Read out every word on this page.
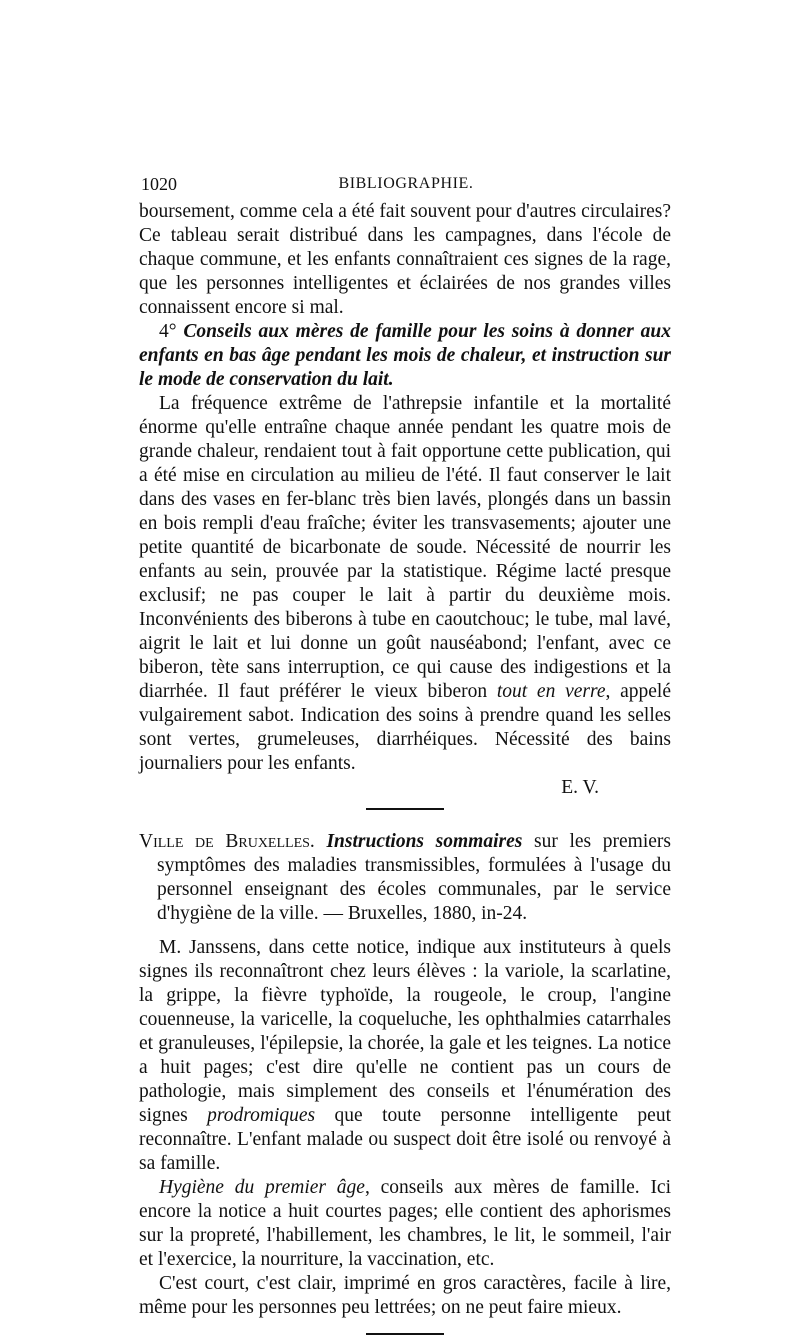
1020	BIBLIOGRAPHIE.

boursement, comme cela a été fait souvent pour d'autres circulaires? Ce tableau serait distribué dans les campagnes, dans l'école de chaque commune, et les enfants connaîtraient ces signes de la rage, que les personnes intelligentes et éclairées de nos grandes villes connaissent encore si mal.

4° Conseils aux mères de famille pour les soins à donner aux enfants en bas âge pendant les mois de chaleur, et instruction sur le mode de conservation du lait.

La fréquence extrême de l'athrepsie infantile et la mortalité énorme qu'elle entraîne chaque année pendant les quatre mois de grande chaleur, rendaient tout à fait opportune cette publication, qui a été mise en circulation au milieu de l'été. Il faut conserver le lait dans des vases en fer-blanc très bien lavés, plongés dans un bassin en bois rempli d'eau fraîche; éviter les transvasements; ajouter une petite quantité de bicarbonate de soude. Nécessité de nourrir les enfants au sein, prouvée par la statistique. Régime lacté presque exclusif; ne pas couper le lait à partir du deuxième mois. Inconvénients des biberons à tube en caoutchouc; le tube, mal lavé, aigrit le lait et lui donne un goût nauséabond; l'enfant, avec ce biberon, tète sans interruption, ce qui cause des indigestions et la diarrhée. Il faut préférer le vieux biberon tout en verre, appelé vulgairement sabot. Indication des soins à prendre quand les selles sont vertes, grumeleuses, diarrhéiques. Nécessité des bains journaliers pour les enfants.

E. V.

Ville de Bruxelles. Instructions sommaires sur les premiers symptômes des maladies transmissibles, formulées à l'usage du personnel enseignant des écoles communales, par le service d'hygiène de la ville. — Bruxelles, 1880, in-24.

M. Janssens, dans cette notice, indique aux instituteurs à quels signes ils reconnaîtront chez leurs élèves : la variole, la scarlatine, la grippe, la fièvre typhoïde, la rougeole, le croup, l'angine couenneuse, la varicelle, la coqueluche, les ophthalmies catarrhales et granuleuses, l'épilepsie, la chorée, la gale et les teignes. La notice a huit pages; c'est dire qu'elle ne contient pas un cours de pathologie, mais simplement des conseils et l'énumération des signes prodromiques que toute personne intelligente peut reconnaître. L'enfant malade ou suspect doit être isolé ou renvoyé à sa famille.

Hygiène du premier âge, conseils aux mères de famille. Ici encore la notice a huit courtes pages; elle contient des aphorismes sur la propreté, l'habillement, les chambres, le lit, le sommeil, l'air et l'exercice, la nourriture, la vaccination, etc.

C'est court, c'est clair, imprimé en gros caractères, facile à lire, même pour les personnes peu lettrées; on ne peut faire mieux.
